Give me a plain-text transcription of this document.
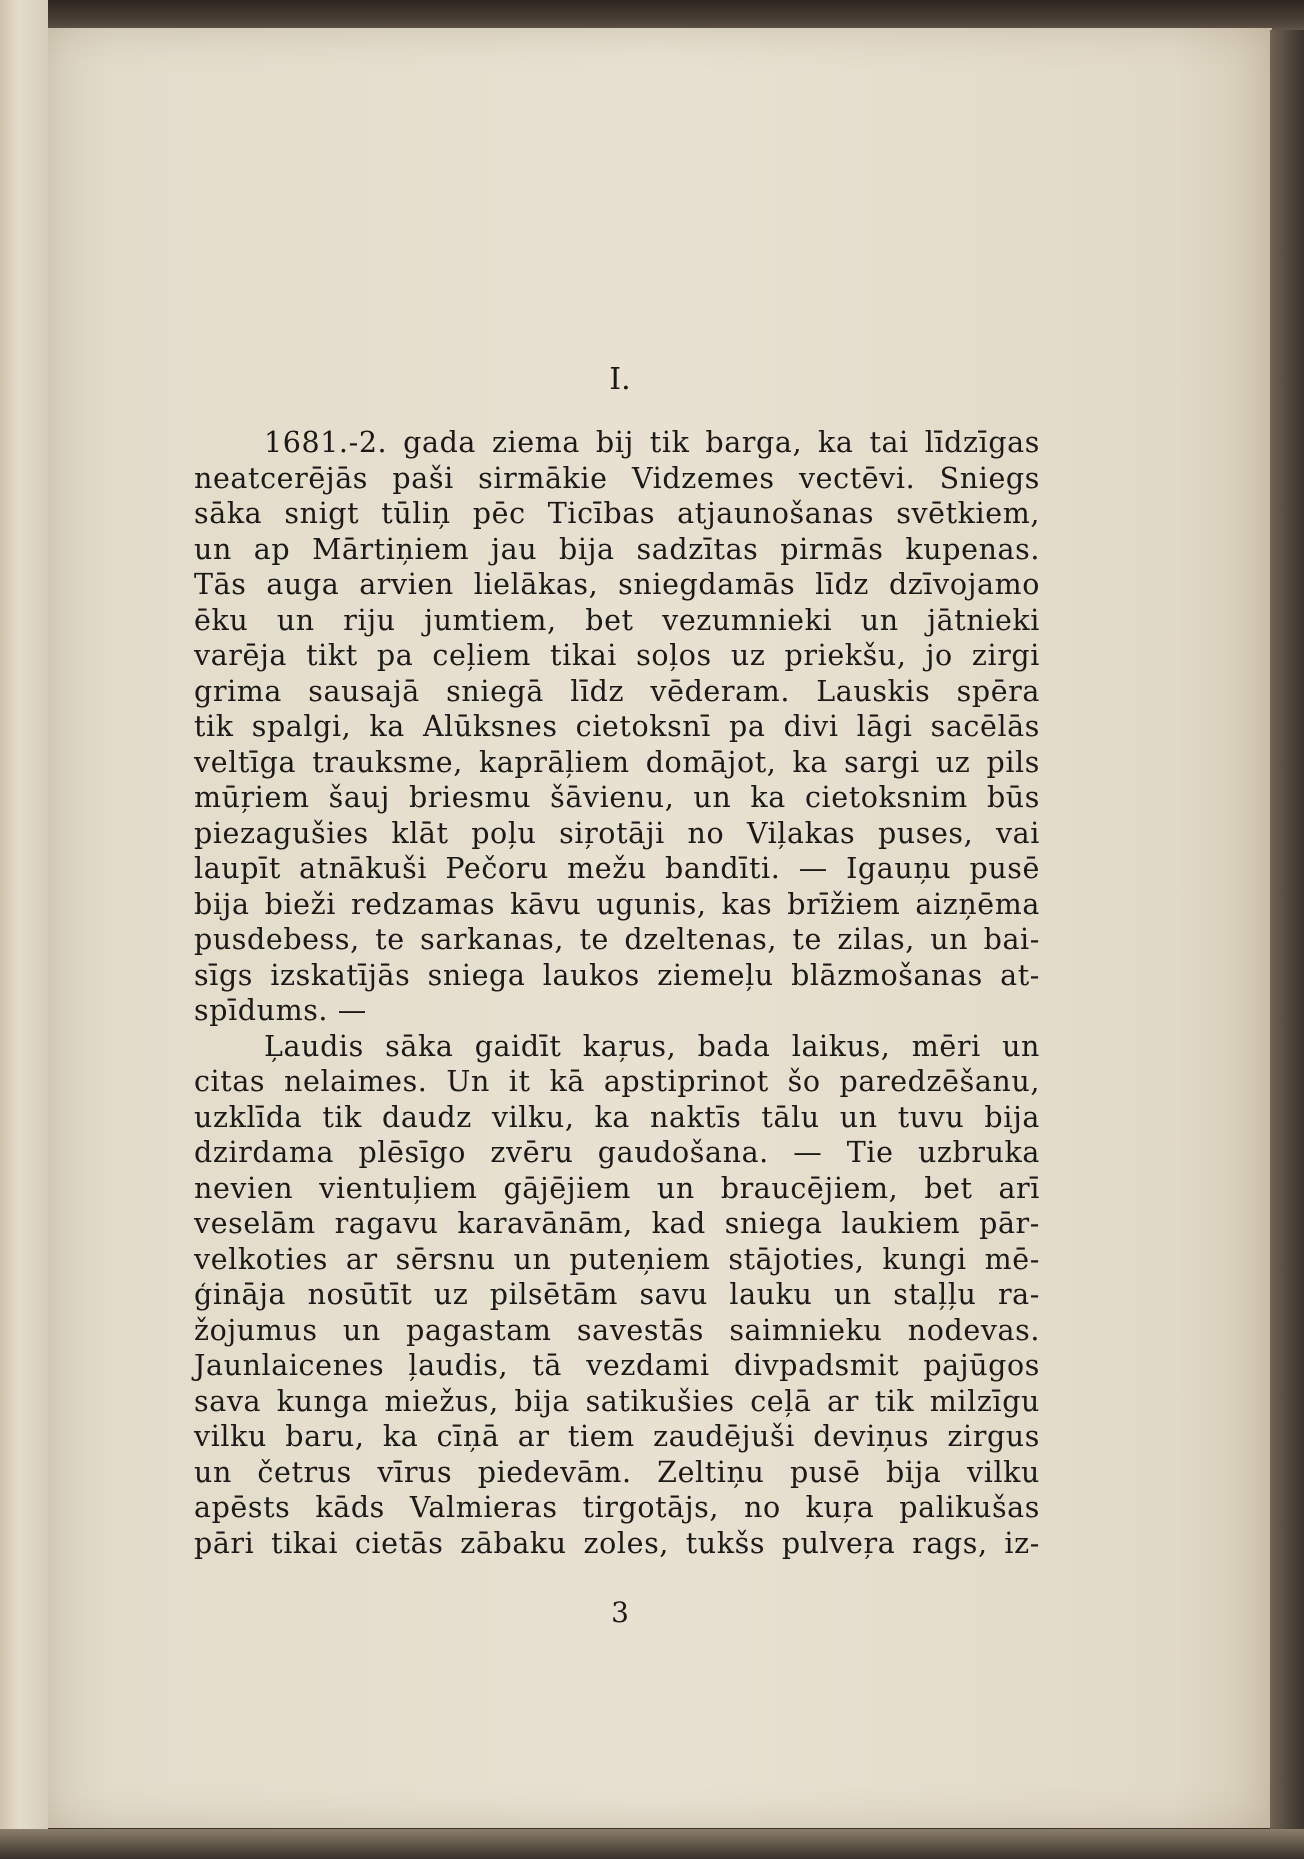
I.
1681.-2. gada ziema bij tik barga, ka tai līdzīgas
neatcerējās paši sirmākie Vidzemes vectēvi. Sniegs
sāka snigt tūliņ pēc Ticības atjaunošanas svētkiem,
un ap Mārtiņiem jau bija sadzītas pirmās kupenas.
Tās auga arvien lielākas, sniegdamās līdz dzīvojamo
ēku un riju jumtiem, bet vezumnieki un jātnieki
varēja tikt pa ceļiem tikai soļos uz priekšu, jo zirgi
grima sausajā sniegā līdz vēderam. Lauskis spēra
tik spalgi, ka Alūksnes cietoksnī pa divi lāgi sacēlās
veltīga trauksme, kaprāļiem domājot, ka sargi uz pils
mūŗiem šauj briesmu šāvienu, un ka cietoksnim būs
piezagušies klāt poļu siŗotāji no Viļakas puses, vai
laupīt atnākuši Pečoru mežu bandīti. — Igauņu pusē
bija bieži redzamas kāvu ugunis, kas brīžiem aizņēma
pusdebess, te sarkanas, te dzeltenas, te zilas, un bai-
sīgs izskatījās sniega laukos ziemeļu blāzmošanas at-
spīdums. —
Ļaudis sāka gaidīt kaŗus, bada laikus, mēri un
citas nelaimes. Un it kā apstiprinot šo paredzēšanu,
uzklīda tik daudz vilku, ka naktīs tālu un tuvu bija
dzirdama plēsīgo zvēru gaudošana. — Tie uzbruka
nevien vientuļiem gājējiem un braucējiem, bet arī
veselām ragavu karavānām, kad sniega laukiem pār-
velkoties ar sērsnu un puteņiem stājoties, kungi mē-
ģināja nosūtīt uz pilsētām savu lauku un staļļu ra-
žojumus un pagastam savestās saimnieku nodevas.
Jaunlaicenes ļaudis, tā vezdami divpadsmit pajūgos
sava kunga miežus, bija satikušies ceļā ar tik milzīgu
vilku baru, ka cīņā ar tiem zaudējuši deviņus zirgus
un četrus vīrus piedevām. Zeltiņu pusē bija vilku
apēsts kāds Valmieras tirgotājs, no kuŗa palikušas
pāri tikai cietās zābaku zoles, tukšs pulveŗa rags, iz-
3
